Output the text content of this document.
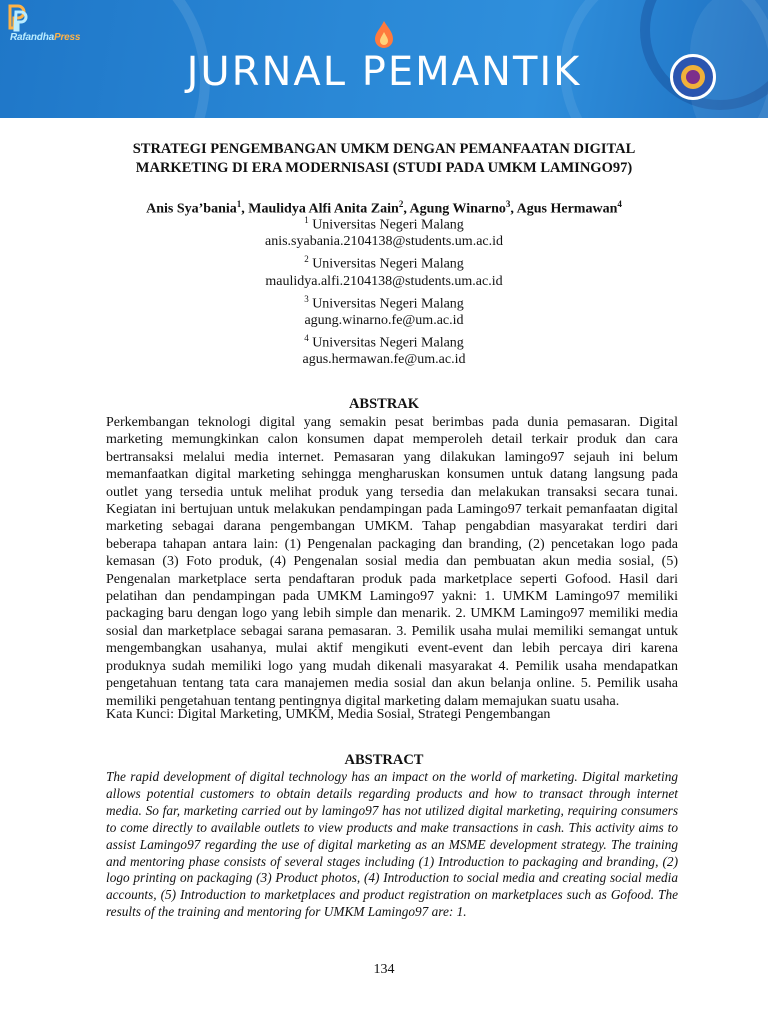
RafandhaPress
JURNAL PEMANTIK
STRATEGI PENGEMBANGAN UMKM DENGAN PEMANFAATAN DIGITAL
MARKETING DI ERA MODERNISASI (STUDI PADA UMKM LAMINGO97)
Anis Sya’bania$^1$, Maulidya Alfi Anita Zain$^2$, Agung Winarno$^3$, Agus Hermawan$^4$
$^1$ Universitas Negeri Malang
anis.syabania.2104138@students.um.ac.id
$^2$ Universitas Negeri Malang
maulidya.alfi.2104138@students.um.ac.id
$^3$ Universitas Negeri Malang
agung.winarno.fe@um.ac.id
$^4$ Universitas Negeri Malang
agus.hermawan.fe@um.ac.id
ABSTRAK
Perkembangan teknologi digital yang semakin pesat berimbas pada dunia pemasaran. Digital marketing memungkinkan calon konsumen dapat memperoleh detail terkair produk dan cara bertransaksi melalui media internet. Pemasaran yang dilakukan lamingo97 sejauh ini belum memanfaatkan digital marketing sehingga mengharuskan konsumen untuk datang langsung pada outlet yang tersedia untuk melihat produk yang tersedia dan melakukan transaksi secara tunai. Kegiatan ini bertujuan untuk melakukan pendampingan pada Lamingo97 terkait pemanfaatan digital marketing sebagai darana pengembangan UMKM. Tahap pengabdian masyarakat terdiri dari beberapa tahapan antara lain: (1) Pengenalan packaging dan branding, (2) pencetakan logo pada kemasan (3) Foto produk, (4) Pengenalan sosial media dan pembuatan akun media sosial, (5) Pengenalan marketplace serta pendaftaran produk pada marketplace seperti Gofood. Hasil dari pelatihan dan pendampingan pada UMKM Lamingo97 yakni: 1. UMKM Lamingo97 memiliki packaging baru dengan logo yang lebih simple dan menarik. 2. UMKM Lamingo97 memiliki media sosial dan marketplace sebagai sarana pemasaran. 3. Pemilik usaha mulai memiliki semangat untuk mengembangkan usahanya, mulai aktif mengikuti event-event dan lebih percaya diri karena produknya sudah memiliki logo yang mudah dikenali masyarakat 4. Pemilik usaha mendapatkan pengetahuan tentang tata cara manajemen media sosial dan akun belanja online. 5. Pemilik usaha memiliki pengetahuan tentang pentingnya digital marketing dalam memajukan suatu usaha.
Kata Kunci: Digital Marketing, UMKM, Media Sosial, Strategi Pengembangan
ABSTRACT
The rapid development of digital technology has an impact on the world of marketing. Digital marketing allows potential customers to obtain details regarding products and how to transact through internet media. So far, marketing carried out by lamingo97 has not utilized digital marketing, requiring consumers to come directly to available outlets to view products and make transactions in cash. This activity aims to assist Lamingo97 regarding the use of digital marketing as an MSME development strategy. The training and mentoring phase consists of several stages including (1) Introduction to packaging and branding, (2) logo printing on packaging (3) Product photos, (4) Introduction to social media and creating social media accounts, (5) Introduction to marketplaces and product registration on marketplaces such as Gofood. The results of the training and mentoring for UMKM Lamingo97 are: 1.
134
